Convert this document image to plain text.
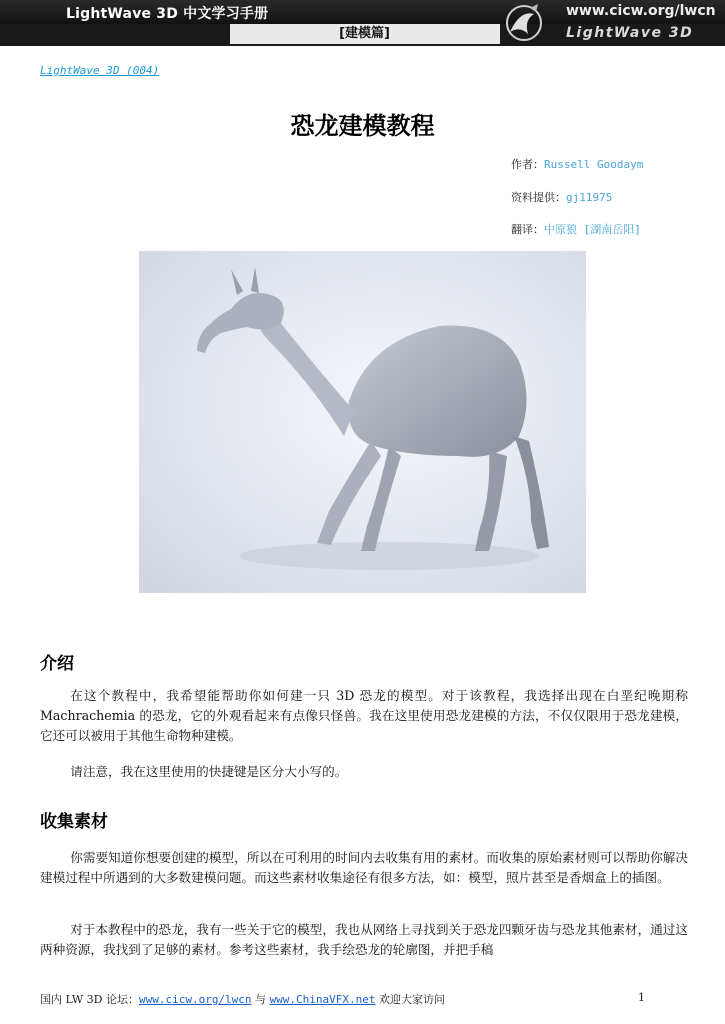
LightWave 3D 中文学习手册
[建模篇]
www.cicw.org/lwcn
LightWave 3D
LightWave 3D (004)
恐龙建模教程
作者：Russell Goodaym
资料提供：gj11975
翻译：中原狼 [湖南岳阳]
介绍

在这个教程中，我希望能帮助你如何建一只 3D 恐龙的模型。对于该教程，我选择出现在白垩纪晚期称 Machrachemia 的恐龙，它的外观看起来有点像只怪兽。我在这里使用恐龙建模的方法，不仅仅限用于恐龙建模，它还可以被用于其他生命物种建模。

请注意，我在这里使用的快捷键是区分大小写的。

收集素材

你需要知道你想要创建的模型，所以在可利用的时间内去收集有用的素材。而收集的原始素材则可以帮助你解决建模过程中所遇到的大多数建模问题。而这些素材收集途径有很多方法，如：模型，照片甚至是香烟盒上的插图。

对于本教程中的恐龙，我有一些关于它的模型，我也从网络上寻找到关于恐龙四颗牙齿与恐龙其他素材，通过这两种资源，我找到了足够的素材。参考这些素材，我手绘恐龙的轮廓图，并把手稿

国内 LW 3D 论坛：www.cicw.org/lwcn 与 www.ChinaVFX.net 欢迎大家访问	1
